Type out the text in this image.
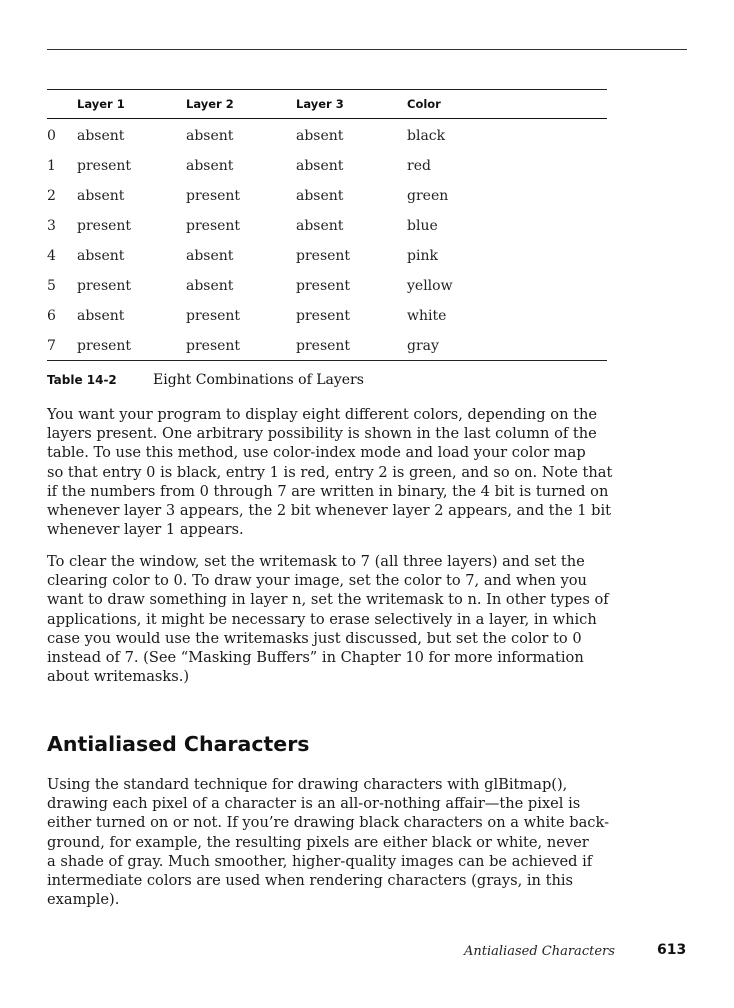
Layer 1	Layer 2	Layer 3	Color
0 absent	absent	absent	black
1 present	absent	absent	red
2 absent	present	absent	green
3 present	present	absent	blue
4 absent	absent	present	pink
5 present	absent	present	yellow
6 absent	present	present	white
7 present	present	present	gray
Table 14-2	Eight Combinations of Layers
You want your program to display eight different colors, depending on the
layers present. One arbitrary possibility is shown in the last column of the
table. To use this method, use color-index mode and load your color map
so that entry 0 is black, entry 1 is red, entry 2 is green, and so on. Note that
if the numbers from 0 through 7 are written in binary, the 4 bit is turned on
whenever layer 3 appears, the 2 bit whenever layer 2 appears, and the 1 bit
whenever layer 1 appears.
To clear the window, set the writemask to 7 (all three layers) and set the
clearing color to 0. To draw your image, set the color to 7, and when you
want to draw something in layer n, set the writemask to n. In other types of
applications, it might be necessary to erase selectively in a layer, in which
case you would use the writemasks just discussed, but set the color to 0
instead of 7. (See “Masking Buffers” in Chapter 10 for more information
about writemasks.)
Antialiased Characters
Using the standard technique for drawing characters with glBitmap(),
drawing each pixel of a character is an all-or-nothing affair—the pixel is
either turned on or not. If you’re drawing black characters on a white back-
ground, for example, the resulting pixels are either black or white, never
a shade of gray. Much smoother, higher-quality images can be achieved if
intermediate colors are used when rendering characters (grays, in this
example).
Antialiased Characters	613
